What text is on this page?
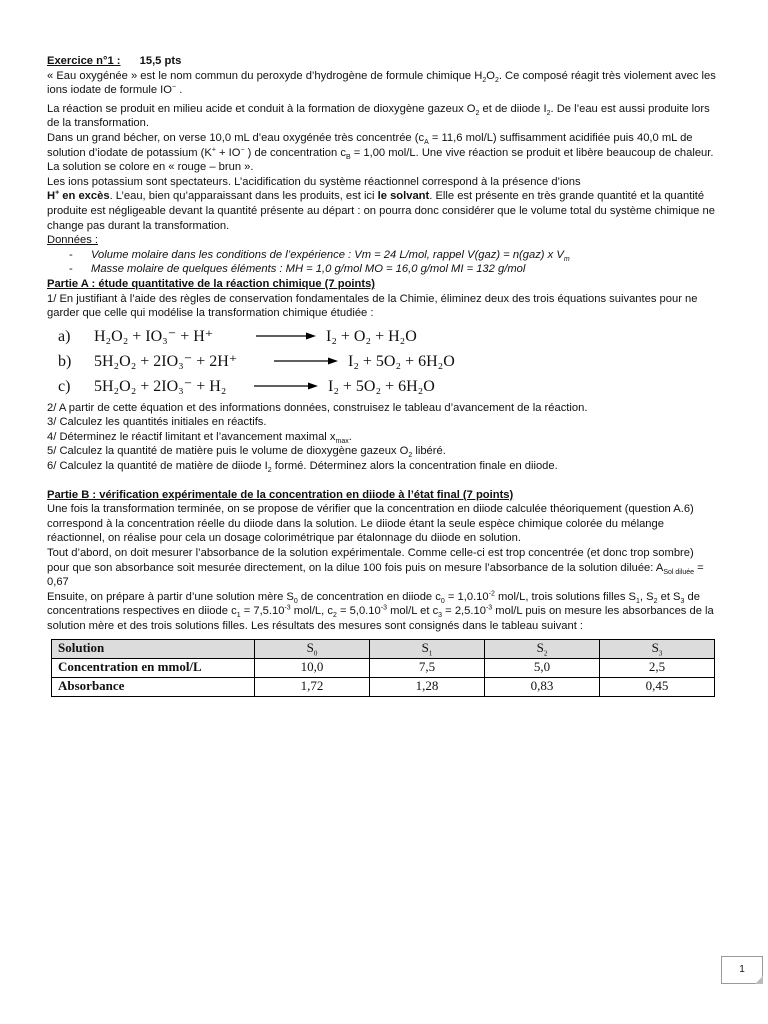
Exercice n°1 : 15,5 pts

« Eau oxygénée » est le nom commun du peroxyde d’hydrogène de formule chimique $H_2O_2$. Ce composé réagit très violement avec les ions iodate de formule IO− .

La réaction se produit en milieu acide et conduit à la formation de dioxygène gazeux $O_2$ et de diiode $I_2$. De l’eau est aussi produite lors de la transformation.

Dans un grand bécher, on verse 10,0 mL d’eau oxygénée très concentrée ($c_A = 11,6$ mol/L) suffisamment acidifiée puis 40,0 mL de solution d’iodate de potassium (K+ + IO− ) de concentration $c_B = 1,00$ mol/L. Une vive réaction se produit et libère beaucoup de chaleur. La solution se colore en « rouge – brun ».

Les ions potassium sont spectateurs. L’acidification du système réactionnel correspond à la présence d’ions

H+ en excès. L’eau, bien qu’apparaissant dans les produits, est ici le solvant. Elle est présente en très grande quantité et la quantité produite est négligeable devant la quantité présente au départ : on pourra donc considérer que le volume total du système chimique ne change pas durant la transformation.

Données :

- Volume molaire dans les conditions de l’expérience : Vm = 24 L/mol, rappel V(gaz) = n(gaz) x $V_m$
- Masse molaire de quelques éléments : MH = 1,0 g/mol MO = 16,0 g/mol MI = 132 g/mol

Partie A : étude quantitative de la réaction chimique (7 points)

1/ En justifiant à l’aide des règles de conservation fondamentales de la Chimie, éliminez deux des trois équations suivantes pour ne garder que celle qui modélise la transformation chimique étudiée :

a)	H₂O₂ + IO₃⁻ + H⁺	→ I₂ + O₂ + H₂O
b)	5H₂O₂ + 2IO₃⁻ + 2H⁺	→ I₂ + 5O₂ + 6H₂O
c)	5H₂O₂ + 2IO₃⁻ + H₂	→ I₂ + 5O₂ + 6H₂O

2/ A partir de cette équation et des informations données, construisez le tableau d’avancement de la réaction.

3/ Calculez les quantités initiales en réactifs.

4/ Déterminez le réactif limitant et l’avancement maximal $x_{max}$.

5/ Calculez la quantité de matière puis le volume de dioxygène gazeux $O_2$ libéré.

6/ Calculez la quantité de matière de diiode $I_2$ formé. Déterminez alors la concentration finale en diiode.

Partie B : vérification expérimentale de la concentration en diiode à l’état final (7 points)

Une fois la transformation terminée, on se propose de vérifier que la concentration en diiode calculée théoriquement (question A.6) correspond à la concentration réelle du diiode dans la solution. Le diiode étant la seule espèce chimique colorée du mélange réactionnel, on réalise pour cela un dosage colorimétrique par étalonnage du diiode en solution.

Tout d’abord, on doit mesurer l’absorbance de la solution expérimentale. Comme celle-ci est trop concentrée (et donc trop sombre) pour que son absorbance soit mesurée directement, on la dilue 100 fois puis on mesure l’absorbance de la solution diluée: $A_{Sol diluée} = 0,67$

Ensuite, on prépare à partir d’une solution mère $S_0$ de concentration en diiode $c_0 = 1,0.10^{-2}$ mol/L, trois solutions filles $S_1$, $S_2$ et $S_3$ de concentrations respectives en diiode $c_1 = 7,5.10^{-3}$ mol/L, $c_2 = 5,0.10^{-3}$ mol/L et $c_3 = 2,5.10^{-3}$ mol/L puis on mesure les absorbances de la solution mère et des trois solutions filles. Les résultats des mesures sont consignés dans le tableau suivant :

Solution	$S_0$	$S_1$	$S_2$	$S_3$
Concentration en mmol/L	10,0	7,5	5,0	2,5
Absorbance	1,72	1,28	0,83	0,45
1
